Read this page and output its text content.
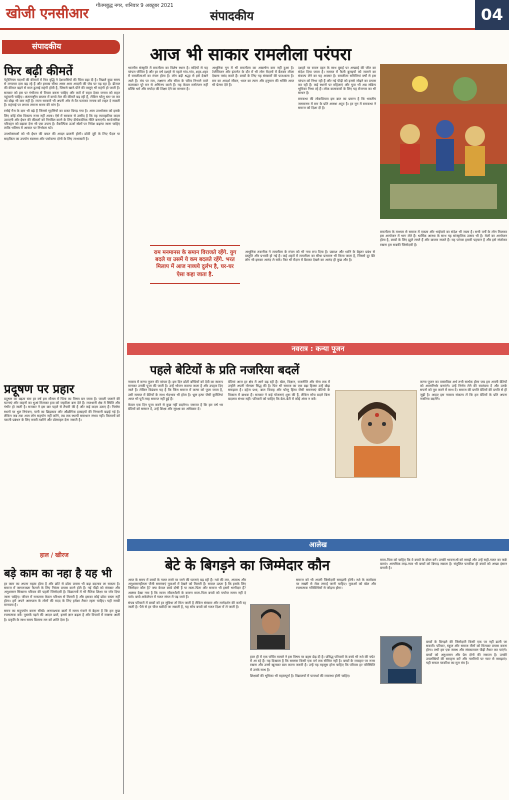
खोजी एनसीआर गौतमबुद्ध नगर, शनिवार 9 अक्टूबर 2021
संपादकीय	04
संपादकीय
फिर बढ़ी कीमतें

पेट्रोलियम पदार्थों की कीमतों में फिर वृद्धि ने देशवासियों की चिंता बढ़ा दी है। पिछले कुछ समय से लगातार दाम बढ़ रहे हैं और इसका सीधा असर आम आदमी की जेब पर पड़ रहा है। डीजल की कीमत बढ़ने से माल ढुलाई महंगी होती है, जिससे खाने-पीने की वस्तुएं भी महंगी हो जाती हैं। सरकार को इस पर गंभीरता से विचार करना चाहिए और करों में राहत देकर जनता को राहत पहुंचानी चाहिए। अंतरराष्ट्रीय बाजार में कच्चे तेल की कीमतें बढ़ रही हैं, लेकिन घरेलू स्तर पर कर का बोझ भी कम नहीं है। राज्य सरकारें भी अपनी ओर से वैट घटाकर जनता को राहत दे सकती हैं। महंगाई पर लगाम लगाना समय की मांग है।

रसोई गैस के दाम भी बढ़े हैं जिससे गृहणियों का बजट बिगड़ गया है। आम उपभोक्ता को इसके लिए कोई ठोस विकल्प नजर नहीं आता। ऐसे में सरकार से उम्मीद है कि वह व्यावहारिक कदम उठाएगी और ईंधन की कीमतों को नियंत्रित करने के लिए दीर्घकालिक नीति बनाएगी। सार्वजनिक परिवहन को बढ़ावा देना भी एक उपाय है। वैकल्पिक ऊर्जा स्रोतों पर निवेश बढ़ाया जाना चाहिए ताकि भविष्य में आयात पर निर्भरता घटे।

उपभोक्ताओं को भी ईंधन की बचत की आदत डालनी होगी। छोटी दूरी के लिए पैदल या साइकिल का उपयोग स्वास्थ्य और पर्यावरण दोनों के लिए लाभकारी है।

प्रदूषण पर प्रहार

प्रदूषण का बढ़ता स्तर हर वर्ष इस मौसम में चिंता का विषय बन जाता है। पराली जलाने की घटनाएं और वाहनों का धुआं मिलकर हवा को जहरीला बना देते हैं। राजधानी क्षेत्र में स्थिति और गंभीर हो जाती है। सरकार ने इस बार पहले से तैयारी की है और कई कदम उठाए हैं। निर्माण स्थलों पर धूल नियंत्रण, पानी का छिड़काव और औद्योगिक इकाइयों की निगरानी बढ़ाई गई है। लेकिन जब तक आम लोग सहयोग नहीं करेंगे, तब तक स्थायी समाधान संभव नहीं। किसानों को पराली प्रबंधन के लिए सस्ती मशीनें और प्रोत्साहन देना जरूरी है।

हाल / खीरज
बड़े काम का नहा है यह भी

हर काम का अपना महत्व होता है और छोटे से छोटा प्रयास भी बड़ा बदलाव ला सकता है। समाज में जागरूकता फैलाने के लिए निरंतर प्रयास करने होते हैं। नई पीढ़ी को संस्कार और अनुशासन सिखाना परिवार की पहली जिम्मेदारी है। विद्यालयों में भी नैतिक शिक्षा पर जोर दिया जाना चाहिए। जीवन में सफलता केवल परिश्रम से मिलती है और इसका कोई छोटा रास्ता नहीं होता। हमें अपने आसपास के लोगों की मदद के लिए हमेशा तैयार रहना चाहिए। यही सच्ची मानवता है।

समय का सदुपयोग करना सीखें। अनावश्यक बातों में समय गंवाने से बेहतर है कि हम कुछ रचनात्मक करें। पुस्तकें पढ़ने की आदत डालें, इससे ज्ञान बढ़ता है और विचारों में स्पष्टता आती है। प्रकृति के साथ समय बिताना मन को शांति देता है।

आज भी साकार रामलीला परंपरा

भारतीय संस्कृति में रामलीला का विशेष स्थान है। सदियों से यह परंपरा जीवित है और हर वर्ष दशहरे से पहले गांव-गांव, शहर-शहर में रामलीलाओं का मंचन होता है। लोग बड़ी श्रद्धा से इसे देखने आते हैं। मंच पर राम, लक्ष्मण और सीता के चरित्र निभाने वाले कलाकार पूरे मन से अभिनय करते हैं। यह केवल मनोरंजन नहीं बल्कि धर्म और मर्यादा की शिक्षा देने का माध्यम है।

आधुनिक युग में भी रामलीला का आकर्षण कम नहीं हुआ है। टेलीविजन और इंटरनेट के दौर में भी लोग मैदानों में बैठकर लीला देखना पसंद करते हैं। बच्चों के लिए यह संस्कारों की पाठशाला है। राम का आदर्श जीवन, भरत का त्याग और हनुमान की भक्ति आज भी प्रेरणा देते हैं।

दशहरे पर रावण दहन के साथ बुराई पर अच्छाई की जीत का संदेश दिया जाता है। समाज में फैली बुराइयों को जलाने का संकल्प लेने का यह अवसर है। रामलीला समितियां वर्षों से इस परंपरा को निभा रही हैं और नई पीढ़ी को इससे जोड़ने का प्रयास कर रही हैं। कई स्थानों पर महिलाएं और युवा भी अब सक्रिय भूमिका निभा रहे हैं। लोक कलाकारों के लिए यह रोजगार का भी साधन है।

रामकथा की लोकप्रियता इस बात का प्रमाण है कि भारतीय जनमानस में राम के प्रति आस्था अटूट है। हर युग में रामकथा ने समाज को दिशा दी है।

राम मनमानस के समान विराजते रहेंगे. युग बदले या उसमें ये कम बदलते रहेंगे. भरत मिलाप में आज नाव्यये दुर्लभ है, घर-घर ऐसा कहा जाता है.

रामलीला के माध्यम से समाज में एकता और भाईचारे का संदेश भी जाता है। सभी वर्गों के लोग मिलकर इस आयोजन में भाग लेते हैं। धार्मिक आस्था के साथ यह सांस्कृतिक उत्सव भी है। मेलों का आयोजन होता है, बच्चों के लिए झूले लगते हैं और बाजार सजते हैं। यह परंपरा हमारी पहचान है और इसे संजोकर रखना हम सबकी जिम्मेदारी है।

आधुनिक तकनीक ने रामलीला के मंचन को भी नया रूप दिया है। प्रकाश और ध्वनि के बेहतर प्रबंध से प्रस्तुति और प्रभावी हो गई है। कई शहरों में रामलीला का सीधा प्रसारण भी किया जाता है, जिससे दूर बैठे लोग भी इसका आनंद ले सकें। फिर भी मैदान में बैठकर देखने का आनंद ही कुछ और है।

नवरात्र : कन्या पूजन
पहले बेटियों के प्रति नजरिया बदलें

नवरात्र में कन्या पूजन की परंपरा है। इस दिन छोटी बच्चियों को देवी का स्वरूप मानकर उनकी पूजा की जाती है। उन्हें भोजन कराया जाता है और उपहार दिए जाते हैं। लेकिन विडंबना यह है कि जिस समाज में कन्या को पूजा जाता है, उसी समाज में बेटियों के साथ भेदभाव भी होता है। भ्रूण हत्या जैसी कुरीतियां आज भी पूरी तरह समाप्त नहीं हुई हैं।

केवल एक दिन पूजा करने से कुछ नहीं बदलेगा। जरूरत है कि हम वर्ष भर बेटियों को सम्मान दें, उन्हें शिक्षा और सुरक्षा का अधिकार दें।

बेटियां आज हर क्षेत्र में आगे बढ़ रही हैं। खेल, विज्ञान, राजनीति और सेना तक में उन्होंने अपनी योग्यता सिद्ध की है। फिर भी समाज का एक बड़ा हिस्सा उन्हें बोझ समझता है। दहेज प्रथा, बाल विवाह और घरेलू हिंसा जैसी समस्याएं बेटियों के विकास में बाधक हैं। सरकार ने कई योजनाएं शुरू की हैं, लेकिन सोच बदले बिना बदलाव संभव नहीं। परिवारों को चाहिए कि बेटा-बेटी में कोई अंतर न करें।

कन्या पूजन का वास्तविक अर्थ तभी सार्थक होगा जब हम अपनी बेटियों को आत्मनिर्भर बनाएंगे। उन्हें निर्णय लेने की स्वतंत्रता दें और उनके सपनों को पूरा करने में साथ दें। समाज की प्रगति बेटियों की प्रगति से ही जुड़ी है। आइए इस नवरात्र संकल्प लें कि हम बेटियों के प्रति अपना नजरिया बदलेंगे।

आलेख
बेटे के बिगड़ने का जिम्मेदार कौन

आज के समय में बच्चों के गलत रास्ते पर जाने की घटनाएं बढ़ रही हैं। नशे की लत, अपराध और अनुशासनहीनता जैसी समस्याएं युवाओं में देखने को मिलती हैं। सवाल उठता है कि इसके लिए जिम्मेदार कौन है? क्या केवल बच्चे दोषी हैं या माता-पिता और समाज भी इसमें भागीदार हैं? अक्सर देखा गया है कि व्यस्त जीवनशैली के कारण माता-पिता बच्चों को पर्याप्त समय नहीं दे पाते। बच्चे अकेलेपन में गलत संगत में पड़ जाते हैं।

संपन्न परिवारों में बच्चों को हर सुविधा तो मिल जाती है लेकिन संस्कार और मार्गदर्शन की कमी रह जाती है। पैसे से हर चीज खरीदी जा सकती है, यह सोच बच्चों को गलत दिशा में ले जाती है।

हाल ही में एक चर्चित मामले ने इस विषय पर बहस छेड़ दी है। प्रसिद्ध परिवारों के बच्चे भी नशे की चपेट में आ रहे हैं। यह दिखाता है कि समस्या किसी एक वर्ग तक सीमित नहीं है। बच्चों के व्यवहार पर नजर रखना और उनसे खुलकर बात करना जरूरी है। उन्हें यह महसूस होना चाहिए कि परिवार हर परिस्थिति में उनके साथ है।

शिक्षकों की भूमिका भी महत्वपूर्ण है। विद्यालयों में परामर्श की व्यवस्था होनी चाहिए।

समाज को भी अपनी जिम्मेदारी समझनी होगी। नशे के कारोबार पर सख्ती से रोक लगाई जानी चाहिए। युवाओं को खेल और रचनात्मक गतिविधियों से जोड़ना होगा।

माता-पिता को चाहिए कि वे बच्चों के दोस्त बनें। उनकी भावनाओं को समझें और उन्हें सही-गलत का फर्क बताएं। अत्यधिक लाड़-प्यार भी बच्चों को बिगाड़ सकता है। संतुलित परवरिश ही बच्चों को अच्छा इंसान बनाती है।

बच्चों के बिगड़ने की जिम्मेदारी किसी एक पर नहीं डाली जा सकती। परिवार, स्कूल और समाज तीनों को मिलकर प्रयास करना होगा। तभी हम एक स्वस्थ और संस्कारवान पीढ़ी तैयार कर पाएंगे। बच्चों को अनुशासन और प्रेम दोनों की जरूरत है। उनकी उपलब्धियों की सराहना करें और गलतियों पर प्यार से समझाएं। यही सफल परवरिश का मूल मंत्र है।
